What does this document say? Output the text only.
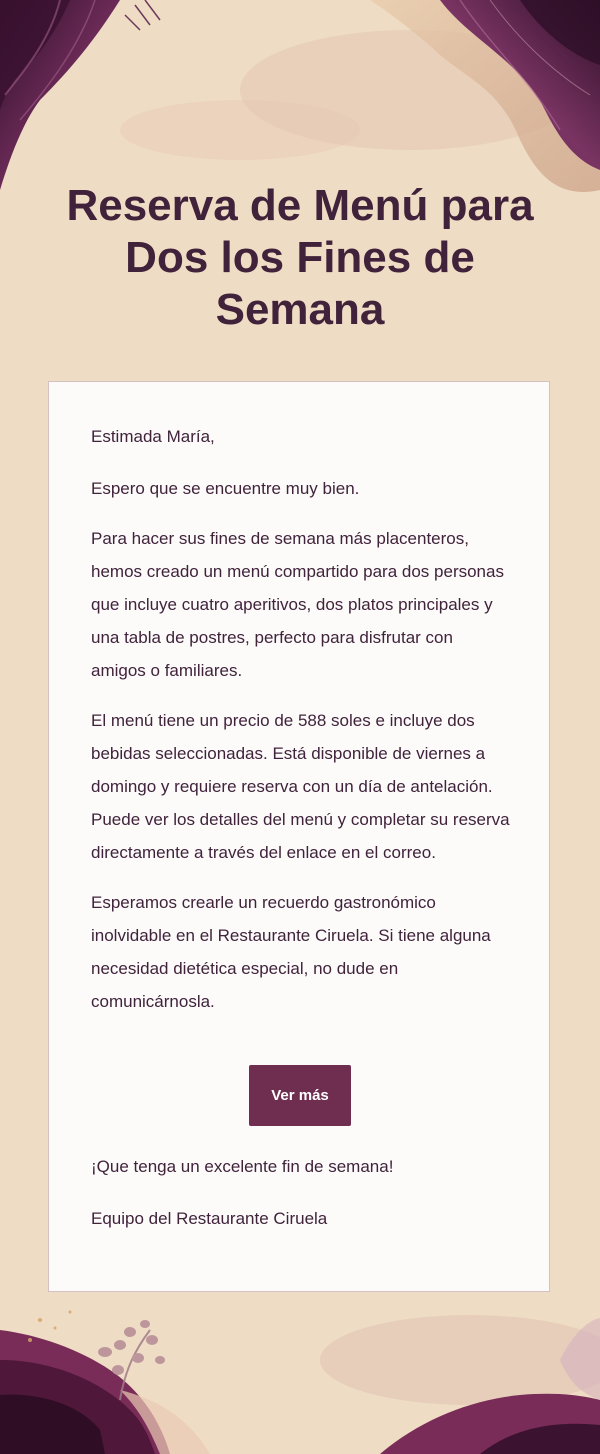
Reserva de Menú para Dos los Fines de Semana

Estimada María,

Espero que se encuentre muy bien.

Para hacer sus fines de semana más placenteros, hemos creado un menú compartido para dos personas que incluye cuatro aperitivos, dos platos principales y una tabla de postres, perfecto para disfrutar con amigos o familiares.

El menú tiene un precio de 588 soles e incluye dos bebidas seleccionadas. Está disponible de viernes a domingo y requiere reserva con un día de antelación. Puede ver los detalles del menú y completar su reserva directamente a través del enlace en el correo.

Esperamos crearle un recuerdo gastronómico inolvidable en el Restaurante Ciruela. Si tiene alguna necesidad dietética especial, no dude en comunicárnosla.

Ver más

¡Que tenga un excelente fin de semana!

Equipo del Restaurante Ciruela
